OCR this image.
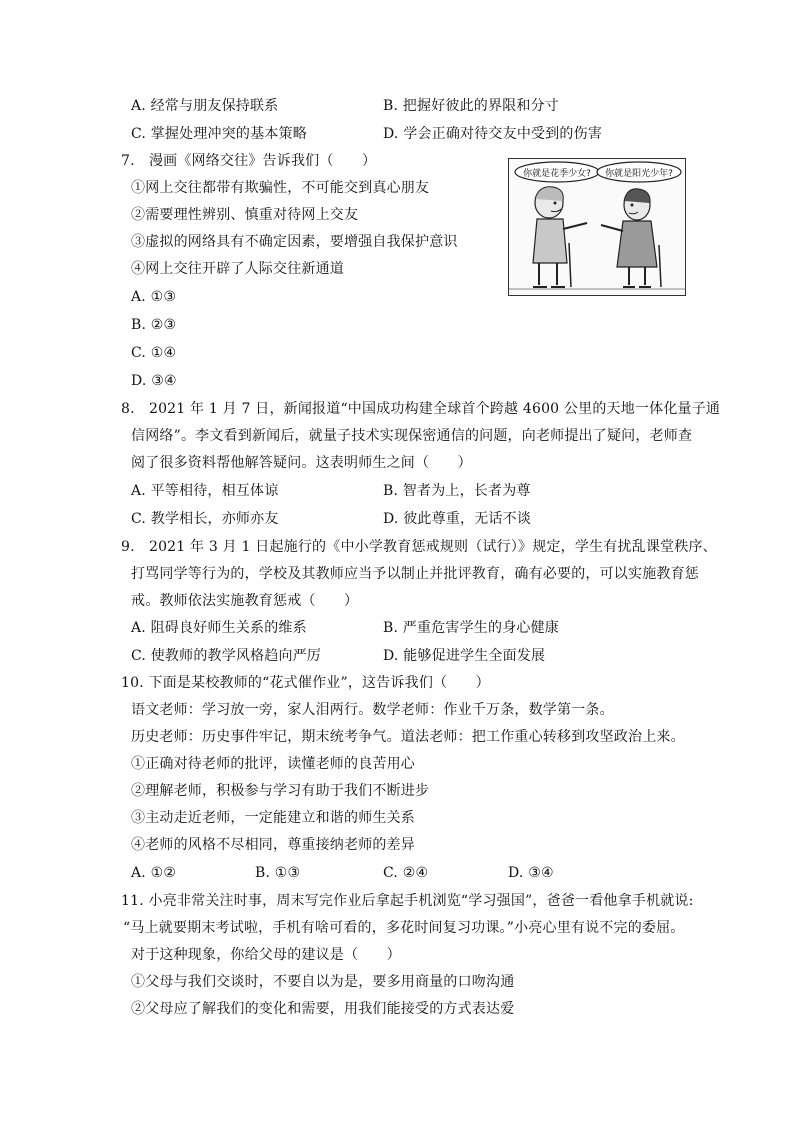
A. 经常与朋友保持联系	B. 把握好彼此的界限和分寸
C. 掌握处理冲突的基本策略	D. 学会正确对待交友中受到的伤害
7.　漫画《网络交往》告诉我们（　　）
①网上交往都带有欺骗性，不可能交到真心朋友
②需要理性辨别、慎重对待网上交友
③虚拟的网络具有不确定因素，要增强自我保护意识
④网上交往开辟了人际交往新通道
A. ①③
B. ②③
C. ①④
D. ③④
你就是花季少女? 你就是阳光少年?
8.　2021 年 1 月 7 日，新闻报道“中国成功构建全球首个跨越 4600 公里的天地一体化量子通
信网络”。李文看到新闻后，就量子技术实现保密通信的问题，向老师提出了疑问，老师查
阅了很多资料帮他解答疑问。这表明师生之间（　　）
A. 平等相待，相互体谅	B. 智者为上，长者为尊
C. 教学相长，亦师亦友	D. 彼此尊重，无话不谈
9.　2021 年 3 月 1 日起施行的《中小学教育惩戒规则（试行）》规定，学生有扰乱课堂秩序、
打骂同学等行为的，学校及其教师应当予以制止并批评教育，确有必要的，可以实施教育惩
戒。教师依法实施教育惩戒（　　）
A. 阻碍良好师生关系的维系	B. 严重危害学生的身心健康
C. 使教师的教学风格趋向严厉	D. 能够促进学生全面发展
10. 下面是某校教师的“花式催作业”，这告诉我们（　　）
语文老师：学习放一旁，家人泪两行。数学老师：作业千万条，数学第一条。
历史老师：历史事件牢记，期末统考争气。道法老师：把工作重心转移到攻坚政治上来。
①正确对待老师的批评，读懂老师的良苦用心
②理解老师，积极参与学习有助于我们不断进步
③主动走近老师，一定能建立和谐的师生关系
④老师的风格不尽相同，尊重接纳老师的差异
A. ①②	B. ①③	C. ②④	D. ③④
11. 小亮非常关注时事，周末写完作业后拿起手机浏览“学习强国”，爸爸一看他拿手机就说:
“马上就要期末考试啦，手机有啥可看的，多花时间复习功课。”小亮心里有说不完的委屈。
对于这种现象，你给父母的建议是（　　）
①父母与我们交谈时，不要自以为是，要多用商量的口吻沟通
②父母应了解我们的变化和需要，用我们能接受的方式表达爱
